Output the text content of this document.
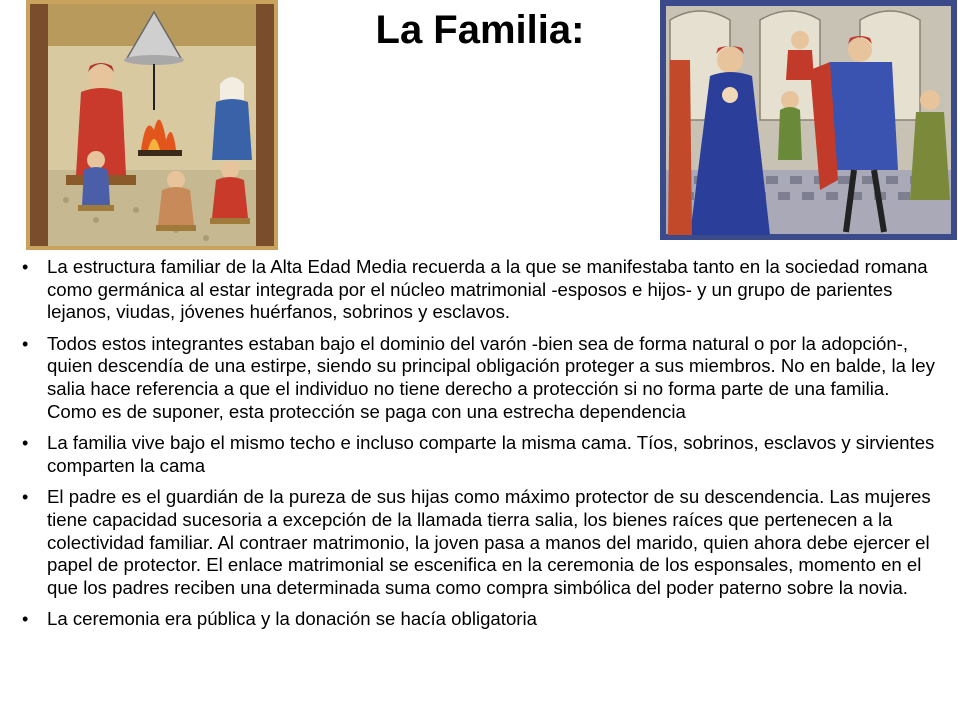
La Familia:
• La estructura familiar de la Alta Edad Media recuerda a la que se manifestaba tanto en la sociedad romana como germánica al estar integrada por el núcleo matrimonial -esposos e hijos- y un grupo de parientes lejanos, viudas, jóvenes huérfanos, sobrinos y esclavos.
• Todos estos integrantes estaban bajo el dominio del varón -bien sea de forma natural o por la adopción-, quien descendía de una estirpe, siendo su principal obligación proteger a sus miembros. No en balde, la ley salia hace referencia a que el individuo no tiene derecho a protección si no forma parte de una familia. Como es de suponer, esta protección se paga con una estrecha dependencia
• La familia vive bajo el mismo techo e incluso comparte la misma cama. Tíos, sobrinos, esclavos y sirvientes comparten la cama
• El padre es el guardián de la pureza de sus hijas como máximo protector de su descendencia. Las mujeres tiene capacidad sucesoria a excepción de la llamada tierra salia, los bienes raíces que pertenecen a la colectividad familiar. Al contraer matrimonio, la joven pasa a manos del marido, quien ahora debe ejercer el papel de protector. El enlace matrimonial se escenifica en la ceremonia de los esponsales, momento en el que los padres reciben una determinada suma como compra simbólica del poder paterno sobre la novia.
• La ceremonia era pública y la donación se hacía obligatoria
